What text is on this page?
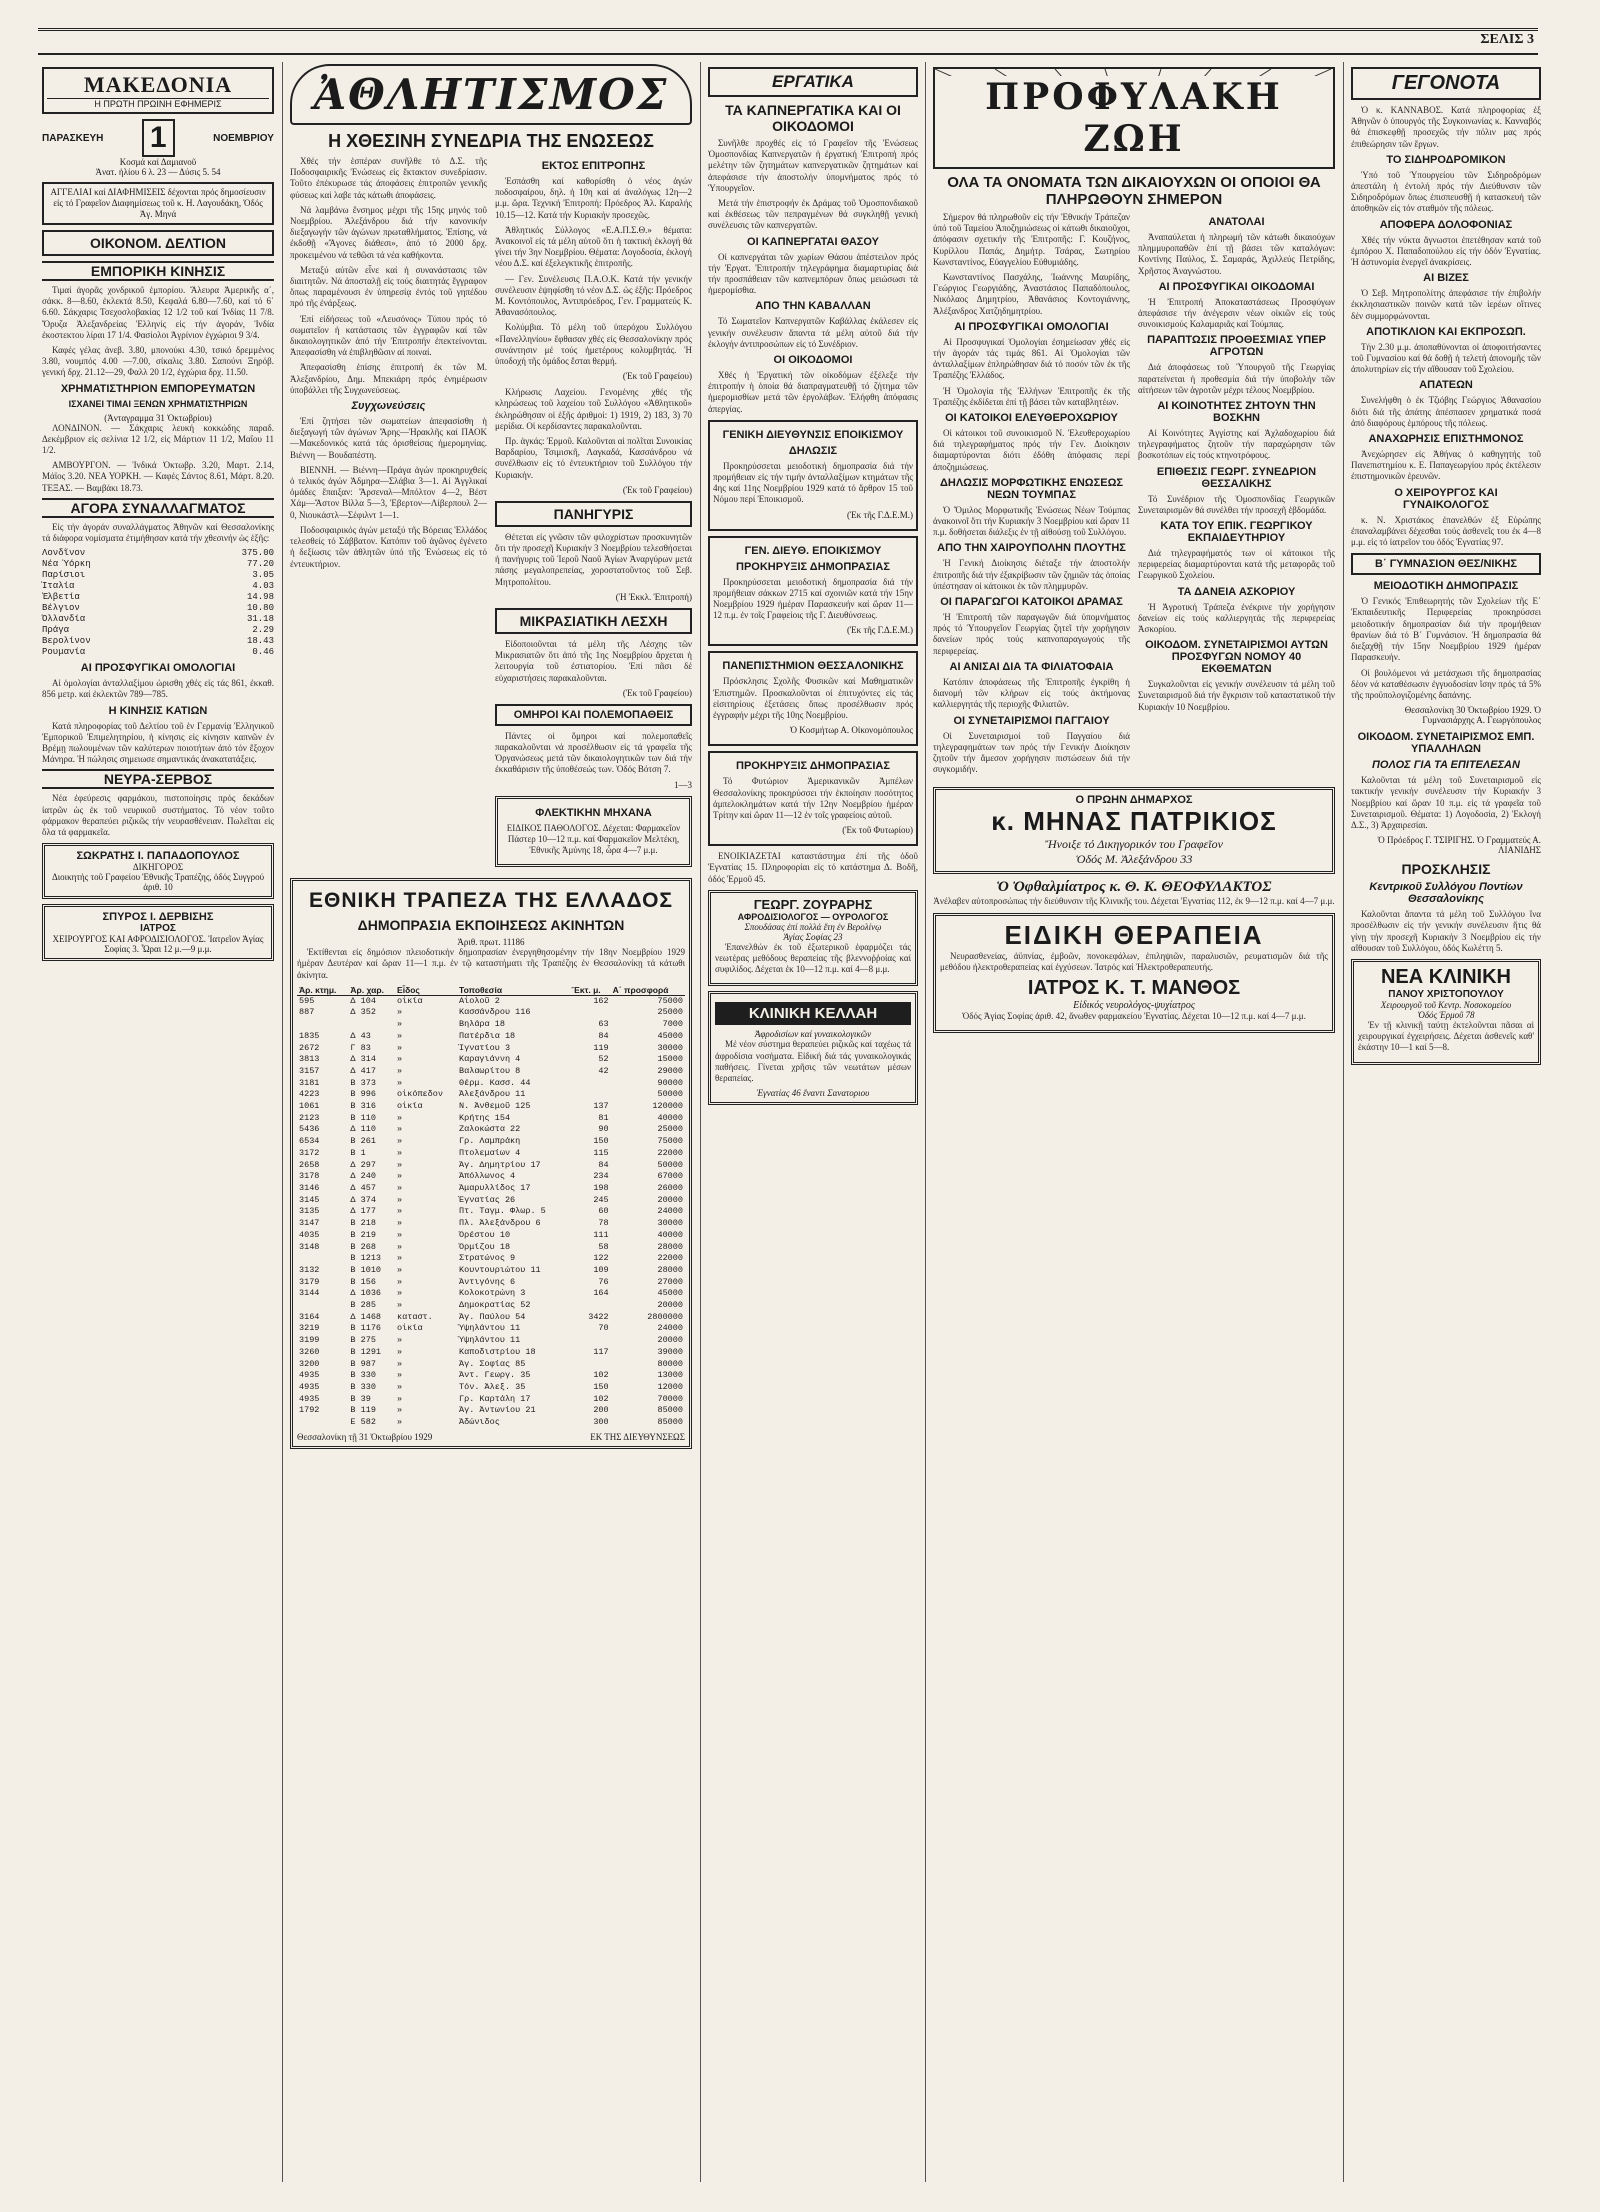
ΣΕΛΙΣ 3
ΜΑΚΕΔΟΝΙΑ
Η ΠΡΩΤΗ ΠΡΩΙΝΗ ΕΦΗΜΕΡΙΣ
ΠΑΡΑΣΚΕΥΗ 1	ΝΟΕΜΒΡΙΟΥ
Κοσμά καί Δαμιανοῦ
Ἀνατ. ἡλίου 6 λ. 23 — Δύσις 5. 54
ΑΓΓΕΛΙΑΙ καί ΔΙΑΦΗΜΙΣΕΙΣ δέχονται πρός δημοσίευσιν εἰς τό Γραφεῖον Διαφημίσεως τοῦ κ. Η. Λαγουδάκη, Ὁδός Ἀγ. Μηνά
ΟΙΚΟΝΟΜ. ΔΕΛΤΙΟΝ
ΕΜΠΟΡΙΚΗ ΚΙΝΗΣΙΣ

Τιμαί ἀγορᾶς χονδρικοῦ ἐμπορίου. Ἄλευρα Ἀμερικῆς α΄, σάκκ. 8—8.60, ἐκλεκτά 8.50, Κεφαλά 6.80—7.60, καί τό 6΄ 6.60. Σάκχαρις Τσεχοσλοβακίας 12 1/2 τοῦ καί Ἰνδίας 11 7/8. Ὄρυζα Ἀλεξανδρείας Ἑλληνίς εἰς τήν ἀγοράν, Ἰνδία ἐκοστεκτου λίραι 17 1/4. Φασίολοι Ἀγρίνιον ἐγχώριοι 9 3/4.

Καφές γέλας ἀνεβ. 3.80, μπονούκι 4.30, τσικό δρεμμένος 3.80, νουμπός 4.00 —7.00, σίκαλις 3.80. Σαπούνι Ξηρόβ. γενική δρχ. 21.12—29, Φαλλ 20 1/2, ἐγχώρια δρχ. 11.50.

ΧΡΗΜΑΤΙΣΤΗΡΙΟΝ ΕΜΠΟΡΕΥΜΑΤΩΝ
ΙΣΧΑΝΕΙ ΤΙΜΑΙ ΞΕΝΩΝ ΧΡΗΜΑΤΙΣΤΗΡΙΩΝ
(Ἀνταγραμμα 31 Ὀκτωβρίου)

ΛΟΝΔΙΝΟΝ. — Σάκχαρις λευκή κοκκώδης παραδ. Δεκέμβριον εἰς σελίνια 12 1/2, εἰς Μάρτιον 11 1/2, Μαΐου 11 1/2.

ΑΜΒΟΥΡΓΟΝ. — Ἰνδικά Ὀκτωβρ. 3.20, Μαρτ. 2.14, Μάϊος 3.20. ΝΕΑ ΥΟΡΚΗ. — Καφές Σάντος 8.61, Μάρτ. 8.20. ΤΕΞΑΣ. — Βαμβάκι 18.73.

ΑΓΟΡΑ ΣΥΝΑΛΛΑΓΜΑΤΟΣ

Εἰς τήν ἀγοράν συναλλάγματος Ἀθηνῶν καί Θεσσαλονίκης τά διάφορα νομίσματα ἐτιμήθησαν κατά τήν χθεσινήν ὡς ἑξῆς:

Λονδῖνον	375.00
Νέα Ὑόρκη	77.20
Παρίσιοι	3.05
Ἰταλία	4.03
Ἑλβετία	14.98
Βέλγιον	10.80
Ὀλλανδία	31.18
Πράγα	2.29
Βερολίνον	18.43
Ρουμανία	0.46
ΑΙ ΠΡΟΣΦΥΓΙΚΑΙ ΟΜΟΛΟΓΙΑΙ

Αἱ ὁμολογίαι ἀνταλλαξίμου ὡρισθη χθές εἰς τάς 861, ἐκκαθ. 856 μετρ. καί ἐκλεκτῶν 789—785.

Η ΚΙΝΗΣΙΣ ΚΑΤΙΩΝ

Κατά πληροφορίας τοῦ Δελτίου τοῦ ἐν Γερμανίᾳ Ἑλληνικοῦ Ἐμπορικοῦ Ἐπιμελητηρίου, ἡ κίνησις εἰς κίνησιν καπνῶν ἐν Βρέμῃ πωλουμένων τῶν καλύτερων ποιοτήτων ἀπό τόν ἔξοχον Μάνηρα. Ἡ πώλησις σημειωσε σημαντικάς ἀνακατατάξεις.

ΝΕΥΡΑ-ΣΕΡΒΟΣ

Νέα ἐφεύρεσις φαρμάκου, πιστοποίησις πρός δεκάδων ἰατρῶν ὡς ἐκ τοῦ νευρικοῦ συστήματος. Τό νέον τοῦτο φάρμακον θεραπεύει ριζικῶς τήν νευρασθένειαν. Πωλεῖται εἰς ὅλα τά φαρμακεῖα.

ΣΩΚΡΑΤΗΣ Ι. ΠΑΠΑΔΟΠΟΥΛΟΣ
ΔΙΚΗΓΟΡΟΣ
Διοικητής τοῦ Γραφείου Ἐθνικῆς Τραπέζης, ὁδός Συγγρού ἀριθ. 10
ΣΠΥΡΟΣ Ι. ΔΕΡΒΙΣΗΣ
ΙΑΤΡΟΣ
ΧΕΙΡΟΥΡΓΟΣ ΚΑΙ ΑΦΡΟΔΙΣΙΟΛΟΓΟΣ. Ἰατρεῖον Ἀγίας Σοφίας 3. Ὧραι 12 μ.—9 μ.μ.
ἈΘΛΗΤΙΣΜΟΣ
Η ΧΘΕΣΙΝΗ ΣΥΝΕΔΡΙΑ ΤΗΣ ΕΝΩΣΕΩΣ

Χθές τήν ἑσπέραν συνῆλθε τό Δ.Σ. τῆς Ποδοσφαιρικῆς Ἑνώσεως εἰς ἔκτακτον συνεδρίασιν. Τοῦτο ἐπέκυρωσε τάς ἀποφάσεις ἐπιτροπῶν γενικῆς φύσεως καί λαβε τάς κάτωθι ἀποφάσεις.

Νά λαμβάνω ἔνσημος μέχρι τῆς 15ης μηνός τοῦ Νοεμβρίου. Ἀλεξάνδρου διά τήν κανονικήν διεξαγωγήν τῶν ἀγώνων πρωταθλήματος. Ἐπίσης, νά ἐκδοθῇ «Ἄγονες διάθεσι», ἀπό τό 2000 δρχ. προκειμένου νά τεθῶσι τά νέα καθήκοντα.

Μεταξύ αὐτῶν εἶνε καί ἡ συνανάστασις τῶν διαιτητῶν. Νά ἀποσταλῇ εἰς τούς διαιτητάς ἔγγραφον ὅπως παραμένουσι ἐν ὑπηρεσίᾳ ἐντός τοῦ γηπέδου πρό τῆς ἐνάρξεως.

Ἐπί εἰδήσεως τοῦ «Λευσόνος» Τύπου πρός τό σωματεῖον ἡ κατάστασις τῶν ἐγγραφῶν καί τῶν δικαιολογητικῶν ἀπό τήν Ἐπιτροπήν ἐπεκτείνονται. Ἀπεφασίσθη νά ἐπιβληθῶσιν αἱ ποιναί.

Ἀπεφασίσθη ἐπίσης ἐπιτροπή ἐκ τῶν Μ. Ἀλεξανδρίου, Δημ. Μπεκιάρη πρός ἐνημέρωσιν ὑποβάλλει τῆς Συγχωνεύσεως.

Συγχωνεύσεις

Ἐπί ζητήσει τῶν σωματείων ἀπεφασίσθη ἡ διεξαγωγή τῶν ἀγώνων Ἄρης—Ἠρακλῆς καί ΠΑΟΚ—Μακεδονικός κατά τάς ὁρισθείσας ἡμερομηνίας. Βιέννη — Βουδαπέστη.

BIENNH. — Βιέννη—Πράγα ἀγών προκηρυχθείς ὁ τελικός ἀγών Ἀδμηρα—Σλάβια 3—1. Αἱ Ἀγγλικαί ὁμάδες ἔπαιξαν: Ἄρσεναλ—Μπόλτον 4—2, Βέστ Χάμ—Ἄστον Βίλλα 5—3, Ἐβερτον—Λίβερπουλ 2—0, Νιουκάστλ—Σέφιλντ 1—1.

Ποδοσφαιρικός ἀγών μεταξύ τῆς Βόρειας Ἑλλάδος τελεσθείς τό Σάββατον. Κατόπιν τοῦ ἀγῶνος ἐγένετο ἡ δεξίωσις τῶν ἀθλητῶν ὑπό τῆς Ἐνώσεως εἰς τό ἐντευκτήριον.

ΕΚΤΟΣ ΕΠΙΤΡΟΠΗΣ

Ἐσπάσθη καί καθορίσθη ὁ νέος ἀγών ποδοσφαίρου, δηλ. ἡ 10η καί αἱ ἀναλόγως 12η—2 μ.μ. ὥρα. Τεχνική Ἐπιτροπή: Πρόεδρος Ἀλ. Καραλής 10.15—12. Κατά τήν Κυριακήν προσεχῶς.

Ἀθλητικός Σύλλογος «Ε.Α.Π.Σ.Θ.» θέματα: Ἀνακοινοῖ εἰς τά μέλη αὐτοῦ ὅτι ἡ τακτική ἐκλογή θά γίνει τήν 3ην Νοεμβρίου. Θέματα: Λογοδοσία, ἐκλογή νέου Δ.Σ. καί ἐξελεγκτικῆς ἐπιτροπῆς.

— Γεν. Συνέλευσις Π.Α.Ο.Κ. Κατά τήν γενικήν συνέλευσιν ἐψηφίσθη τό νέον Δ.Σ. ὡς ἑξῆς: Πρόεδρος Μ. Κοντόπουλος, Ἀντιπρόεδρος, Γεν. Γραμματεύς Κ. Ἀθανασόπουλος.

Κολύμβια. Τό μέλη τοῦ ὑπερόχου Συλλόγου «Πανελληνίου» ἔφθασαν χθές εἰς Θεσσαλονίκην πρός συνάντησιν μέ τούς ἡμετέρους κολυμβητάς. Ἡ ὑποδοχή τῆς ὁμάδος ἔσται θερμή.

(Ἐκ τοῦ Γραφείου)

Κλήρωσις Λαχείου. Γενομένης χθές τῆς κληρώσεως τοῦ λαχείου τοῦ Συλλόγου «Ἀθλητικοῦ» ἐκληρώθησαν οἱ ἑξῆς ἀριθμοί: 1) 1919, 2) 183, 3) 70 μερίδια. Οἱ κερδίσαντες παρακαλοῦνται.

Πρ. ἀγκάς: Ἐρμοῦ. Καλοῦνται αἱ πολῖται Συνοικίας Βαρδαρίου, Τσιμισκῆ, Λαγκαδά, Κασσάνδρου νά συνέλθωσιν εἰς τό ἐντευκτήριον τοῦ Συλλόγου τήν Κυριακήν.

(Ἐκ τοῦ Γραφείου)
ΠΑΝΗΓΥΡΙΣ

Θέτεται εἰς γνῶσιν τῶν φιλοχρίστων προσκυνητῶν ὅτι τήν προσεχῆ Κυριακήν 3 Νοεμβρίου τελεσθήσεται ἡ πανήγυρις τοῦ Ἱεροῦ Ναοῦ Ἁγίων Ἀναργύρων μετά πάσης μεγαλοπρεπείας, χοροστατοῦντος τοῦ Σεβ. Μητροπολίτου.

(Ἡ Ἐκκλ. Ἐπιτροπή)
ΜΙΚΡΑΣΙΑΤΙΚΗ ΛΕΣΧΗ

Εἰδοποιοῦνται τά μέλη τῆς Λέσχης τῶν Μικρασιατῶν ὅτι ἀπό τῆς 1ης Νοεμβρίου ἄρχεται ἡ λειτουργία τοῦ ἐστιατορίου. Ἐπί πᾶσι δέ εὐχαριστήσεις παρακαλοῦνται.

(Ἐκ τοῦ Γραφείου)
ΟΜΗΡΟΙ ΚΑΙ ΠΟΛΕΜΟΠΑΘΕΙΣ

Πάντες οἱ ὅμηροι καί πολεμοπαθεῖς παρακαλοῦνται νά προσέλθωσιν εἰς τά γραφεῖα τῆς Ὀργανώσεως μετά τῶν δικαιολογητικῶν των διά τήν ἐκκαθάρισιν τῆς ὑποθέσεώς των. Ὁδός Βότση 7.

1—3
ΦΛΕΚΤΙΚΗΝ ΜΗΧΑΝΑ

ΕΙΔΙΚΟΣ ΠΑΘΟΛΟΓΟΣ. Δέχεται: Φαρμακεῖον Πάστερ 10—12 π.μ. καί Φαρμακεῖον Μελτέκη, Ἐθνικῆς Ἀμύνης 18, ὧρα 4—7 μ.μ.

ΕΘΝΙΚΗ ΤΡΑΠΕΖΑ ΤΗΣ ΕΛΛΑΔΟΣ
ΔΗΜΟΠΡΑΣΙΑ ΕΚΠΟΙΗΣΕΩΣ ΑΚΙΝΗΤΩΝ
Ἀριθ. πρωτ. 11186

Ἐκτίθενται εἰς δημόσιον πλειοδοτικήν δημοπρασίαν ἐνεργηθησομένην τήν 18ην Νοεμβρίου 1929 ἡμέραν Δευτέραν καί ὥραν 11—1 π.μ. ἐν τῷ καταστήματι τῆς Τραπέζης ἐν Θεσσαλονίκῃ τά κάτωθι ἀκίνητα.

Ἀρ. κτημ.	Ἀρ. χαρ.	Εἶδος	Τοποθεσία	Ἔκτ. μ.	Α΄ προσφορά
595	Δ 104	οἰκία	Αἰολοῦ 2	162	75000
887	Δ 352	»	Κασσάνδρου 116		25000
		»	Βηλάρα 18	63	7000
1835	Δ 43	»	Πατέρδια 18	84	45000
2672	Γ 83	»	Ἰγνατίου 3	119	30000
3813	Δ 314	»	Καραγιάννη 4	52	15000
3157	Δ 417	»	Βαλαωρίτου 8	42	29000
3181	Β 373	»	Θέρμ. Κασσ. 44		90000
4223	Β 996	οἰκόπεδον	Ἀλεξάνδρου 11		50000
1061	Β 316	οἰκία	Ν. Ἀνθεμοῦ 125	137	120000
2123	Β 110	»	Κρήτης 154	81	40000
5436	Δ 110	»	Ζαλοκώστα 22	90	25000
6534	Β 261	»	Γρ. Λαμπράκη	150	75000
3172	Β 1	»	Πτολεμαίων 4	115	22000
2658	Δ 297	»	Ἀγ. Δημητρίου 17	84	50000
3178	Δ 240	»	Ἀπόλλωνος 4	234	67000
3146	Δ 457	»	Ἀμαρυλλίδος 17	198	26000
3145	Δ 374	»	Ἐγνατίας 26	245	20000
3135	Δ 177	»	Πτ. Ταγμ. Φλωρ. 5	60	24000
3147	Β 218	»	Πλ. Ἀλεξάνδρου 6	78	30000
4035	Β 219	»	Ὀρέστου 10	111	40000
3148	Β 268	»	Ὁρμίζου 18	58	28000
	Β 1213	»	Στρατώνος 9	122	22000
3132	Β 1010	»	Κουντουριώτου 11	109	28000
3179	Β 156	»	Ἀντιγόνης 6	76	27000
3144	Δ 1036	»	Κολοκοτρώνη 3	164	45000
	Β 285	»	Δημοκρατίας 52		20000
3164	Δ 1468	καταστ.	Ἀγ. Παύλου 54	3422	2800000
3219	Β 1176	οἰκία	Ὑψηλάντου 11	70	24000
3199	Β 275	»	Ὑψηλάντου 11		20000
3260	Β 1291	»	Καποδιστρίου 18	117	39000
3200	Β 987	»	Ἀγ. Σοφίας 85		80000
4935	Β 330	»	Ἀντ. Γεωργ. 35	102	13000
4935	Β 330	»	Τόν. Ἀλεξ. 35	150	12000
4935	Β 39	»	Γρ. Καρτάλη 17	102	70000
1792	Β 119	»	Ἀγ. Ἀντωνίου 21	200	85000
	Ε 582	»	Ἀδώνιδος	300	85000
Θεσσαλονίκη τῇ 31 Ὀκτωβρίου 1929	ΕΚ ΤΗΣ ΔΙΕΥΘΥΝΣΕΩΣ
ΕΡΓΑΤΙΚΑ
ΤΑ ΚΑΠΝΕΡΓΑΤΙΚΑ ΚΑΙ ΟΙ ΟΙΚΟΔΟΜΟΙ

Συνῆλθε προχθές εἰς τό Γραφεῖον τῆς Ἑνώσεως Ὁμοσπονδίας Καπνεργατῶν ἡ ἐργατική Ἐπιτροπή πρός μελέτην τῶν ζητημάτων καπνεργατικῶν ζητημάτων καί ἀπεφάσισε τήν ἀποστολήν ὑπομνήματος πρός τό Ὑπουργεῖον.

Μετά τήν ἐπιστροφήν ἐκ Δράμας τοῦ Ὁμοσπονδιακοῦ καί ἐκθέσεως τῶν πεπραγμένων θά συγκληθῇ γενική συνέλευσις τῶν καπνεργατῶν.

ΟΙ ΚΑΠΝΕΡΓΑΤΑΙ ΘΑΣΟΥ

Οἱ καπνεργάται τῶν χωρίων Θάσου ἀπέστειλον πρός τήν Ἐργατ. Ἐπιτροπήν τηλεγράφημα διαμαρτυρίας διά τήν προσπάθειαν τῶν καπνεμπόρων ὅπως μειώσωσι τά ἡμερομίσθια.

ΑΠΟ ΤΗΝ ΚΑΒΑΛΛΑΝ

Τό Σωματεῖον Καπνεργατῶν Καβάλλας ἐκάλεσεν εἰς γενικήν συνέλευσιν ἅπαντα τά μέλη αὐτοῦ διά τήν ἐκλογήν ἀντιπροσώπων εἰς τό Συνέδριον.

ΟΙ ΟΙΚΟΔΟΜΟΙ

Χθές ἡ Ἐργατική τῶν οἰκοδόμων ἐξέλεξε τήν ἐπιτροπήν ἡ ὁποία θά διαπραγματευθῇ τό ζήτημα τῶν ἡμερομισθίων μετά τῶν ἐργολάβων. Ἐλήφθη ἀπόφασις ἀπεργίας.

ΓΕΝΙΚΗ ΔΙΕΥΘΥΝΣΙΣ ΕΠΟΙΚΙΣΜΟΥ
ΔΗΛΩΣΙΣ

Προκηρύσσεται μειοδοτική δημοπρασία διά τήν προμήθειαν εἰς τήν τιμήν ἀνταλλαξίμων κτημάτων τῆς 4ης καί 11ης Νοεμβρίου 1929 κατά τό ἄρθρον 15 τοῦ Νόμου περί Ἐποικισμοῦ.

(Ἐκ τῆς Γ.Δ.Ε.Μ.)
ΓΕΝ. ΔΙΕΥΘ. ΕΠΟΙΚΙΣΜΟΥ
ΠΡΟΚΗΡΥΞΙΣ ΔΗΜΟΠΡΑΣΙΑΣ

Προκηρύσσεται μειοδοτική δημοπρασία διά τήν προμήθειαν σάκκων 2715 καί σχοινιῶν κατά τήν 15ην Νοεμβρίου 1929 ἡμέραν Παρασκευήν καί ὥραν 11—12 π.μ. ἐν τοῖς Γραφείοις τῆς Γ. Διευθύνσεως.

(Ἐκ τῆς Γ.Δ.Ε.Μ.)
ΠΑΝΕΠΙΣΤΗΜΙΟΝ ΘΕΣΣΑΛΟΝΙΚΗΣ

Πρόσκλησις Σχολῆς Φυσικῶν καί Μαθηματικῶν Ἐπιστημῶν. Προσκαλοῦνται οἱ ἐπιτυχόντες εἰς τάς εἰσιτηρίους ἐξετάσεις ὅπως προσέλθωσιν πρός ἐγγραφήν μέχρι τῆς 10ης Νοεμβρίου.

Ὁ Κοσμήτωρ Α. Οἰκονομόπουλος
ΠΡΟΚΗΡΥΞΙΣ ΔΗΜΟΠΡΑΣΙΑΣ

Τό Φυτώριον Ἀμερικανικῶν Ἀμπέλων Θεσσαλονίκης προκηρύσσει τήν ἐκποίησιν ποσότητος ἀμπελοκλημάτων κατά τήν 12ην Νοεμβρίου ἡμέραν Τρίτην καί ὥραν 11—12 ἐν τοῖς γραφείοις αὐτοῦ.

(Ἐκ τοῦ Φυτωρίου)

ΕΝΟΙΚΙΑΖΕΤΑΙ καταστάστημα ἐπί τῆς ὁδοῦ Ἐγνατίας 15. Πληροφορίαι εἰς τό κατάστημα Δ. Βοδῆ, ὁδός Ἑρμοῦ 45.

ΓΕΩΡΓ. ΖΟΥΡΑΡΗΣ
ΑΦΡΟΔΙΣΙΟΛΟΓΟΣ — ΟΥΡΟΛΟΓΟΣ
Σπουδάσας ἐπί πολλά ἔτη ἐν Βερολίνῳ
Ἁγίας Σοφίας 23

Ἐπανελθών ἐκ τοῦ ἐξωτερικοῦ ἐφαρμόζει τάς νεωτέρας μεθόδους θεραπείας τῆς βλεννοῤῥοίας καί συφιλίδος. Δέχεται ἐκ 10—12 π.μ. καί 4—8 μ.μ.

ΚΛΙΝΙΚΗ ΚΕΛΛΑΗ
Ἀφροδισίων καί γυναικολογικῶν

Μέ νέον σύστημα θεραπεύει ριζικῶς καί ταχέως τά ἀφροδίσια νοσήματα. Εἰδική διά τάς γυναικολογικάς παθήσεις. Γίνεται χρῆσις τῶν νεωτάτων μέσων θεραπείας.

Ἐγνατίας 46 ἔναντι Σανατοριου
ΠΡΟΦΥΛΑΚΗ ΖΩΗ
ΟΛΑ ΤΑ ΟΝΟΜΑΤΑ ΤΩΝ ΔΙΚΑΙΟΥΧΩΝ ΟΙ ΟΠΟΙΟΙ ΘΑ ΠΛΗΡΩΘΟΥΝ ΣΗΜΕΡΟΝ

Σήμερον θά πληρωθοῦν εἰς τήν Ἐθνικήν Τράπεζαν ὑπό τοῦ Ταμείου Ἀποζημιώσεως οἱ κάτωθι δικαιοῦχοι, ἀπόφασιν σχετικήν τῆς Ἐπιτροπῆς: Γ. Κουζήνος, Κυρίλλου Παπάς, Δημήτρ. Τσάρας, Σωτηρίου Κωνσταντίνος, Εὐαγγελίου Εὐθυμιάδης.

Κωνσταντίνος Πασχάλης, Ἰωάννης Μαυρίδης, Γεώργιος Γεωργιάδης, Ἀναστάσιος Παπαδόπουλος, Νικόλαος Δημητρίου, Ἀθανάσιος Κοντογιάννης, Ἀλέξανδρος Χατζηδημητρίου.

ΑΙ ΠΡΟΣΦΥΓΙΚΑΙ ΟΜΟΛΟΓΙΑΙ

Αἱ Προσφυγικαί Ὁμολογίαι ἐσημείωσαν χθές εἰς τήν ἀγοράν τάς τιμάς 861. Αἱ Ὁμολογίαι τῶν ἀνταλλαξίμων ἐπληρώθησαν διά τό ποσόν τῶν ἐκ τῆς Τραπέζης Ἑλλάδος.

Ἡ Ὁμολογία τῆς Ἑλλήνων Ἐπιτροπῆς ἐκ τῆς Τραπέζης ἐκδίδεται ἐπί τῇ βάσει τῶν καταβλητέων.

ΟΙ ΚΑΤΟΙΚΟΙ ΕΛΕΥΘΕΡΟΧΩΡΙΟΥ

Οἱ κάτοικοι τοῦ συνοικισμοῦ Ν. Ἐλευθεροχωρίου διά τηλεγραφήματος πρός τήν Γεν. Διοίκησιν διαμαρτύρονται διότι ἐδόθη ἀπόφασις περί ἀποζημιώσεως.

ΔΗΛΩΣΙΣ ΜΟΡΦΩΤΙΚΗΣ ΕΝΩΣΕΩΣ ΝΕΩΝ ΤΟΥΜΠΑΣ

Ὁ Ὅμιλος Μορφωτικῆς Ἑνώσεως Νέων Τούμπας ἀνακοινοῖ ὅτι τήν Κυριακήν 3 Νοεμβρίου καί ὥραν 11 π.μ. δοθήσεται διάλεξις ἐν τῇ αἰθούσῃ τοῦ Συλλόγου.

ΑΠΟ ΤΗΝ ΧΑΙΡΟΥΠΟΛΗΝ ΠΛΟΥΤΗΣ

Ἡ Γενική Διοίκησις διέταξε τήν ἀποστολήν ἐπιτροπῆς διά τήν ἐξακρίβωσιν τῶν ζημιῶν τάς ὁποίας ὑπέστησαν οἱ κάτοικοι ἐκ τῶν πλημμυρῶν.

ΟΙ ΠΑΡΑΓΩΓΟΙ ΚΑΤΟΙΚΟΙ ΔΡΑΜΑΣ

Ἡ Ἐπιτροπή τῶν παραγωγῶν διά ὑπομνήματος πρός τό Ὑπουργεῖον Γεωργίας ζητεῖ τήν χορήγησιν δανείων πρός τούς καπνοπαραγωγούς τῆς περιφερείας.

ΑΙ ΑΝΙΣΑΙ ΔΙΑ ΤΑ ΦΙΛΙΑΤΟΦΑΙΑ

Κατόπιν ἀποφάσεως τῆς Ἐπιτροπῆς ἐγκρίθη ἡ διανομή τῶν κλήρων εἰς τούς ἀκτήμονας καλλιεργητάς τῆς περιοχῆς Φιλιατῶν.

ΟΙ ΣΥΝΕΤΑΙΡΙΣΜΟΙ ΠΑΓΓΑΙΟΥ

Οἱ Συνεταιρισμοί τοῦ Παγγαίου διά τηλεγραφημάτων των πρός τήν Γενικήν Διοίκησιν ζητοῦν τήν ἄμεσον χορήγησιν πιστώσεων διά τήν συγκομιδήν.

ΑΝΑΤΟΛΑΙ

Ἀναπαύλεται ἡ πληρωμή τῶν κάτωθι δικαιούχων πλημμυροπαθῶν ἐπί τῇ βάσει τῶν καταλόγων: Κοντίνης Παύλος, Σ. Σαμαράς, Ἀχιλλεύς Πετρίδης, Χρῆστος Ἀναγνώστου.

ΑΙ ΠΡΟΣΦΥΓΙΚΑΙ ΟΙΚΟΔΟΜΑΙ

Ἡ Ἐπιτροπή Ἀποκαταστάσεως Προσφύγων ἀπεφάσισε τήν ἀνέγερσιν νέων οἰκιῶν εἰς τούς συνοικισμούς Καλαμαριᾶς καί Τούμπας.

ΠΑΡΑΠΤΩΣΙΣ ΠΡΟΘΕΣΜΙΑΣ ΥΠΕΡ ΑΓΡΟΤΩΝ

Διά ἀποφάσεως τοῦ Ὑπουργοῦ τῆς Γεωργίας παρατείνεται ἡ προθεσμία διά τήν ὑποβολήν τῶν αἰτήσεων τῶν ἀγροτῶν μέχρι τέλους Νοεμβρίου.

ΑΙ ΚΟΙΝΟΤΗΤΕΣ ΖΗΤΟΥΝ ΤΗΝ ΒΟΣΚΗΝ

Αἱ Κοινότητες Ἀγγίστης καί Ἀχλαδοχωρίου διά τηλεγραφήματος ζητοῦν τήν παραχώρησιν τῶν βοσκοτόπων εἰς τούς κτηνοτρόφους.

ΕΠΙΘΕΣΙΣ ΓΕΩΡΓ. ΣΥΝΕΔΡΙΟΝ ΘΕΣΣΑΛΙΚΗΣ

Τό Συνέδριον τῆς Ὁμοσπονδίας Γεωργικῶν Συνεταιρισμῶν θά συνέλθει τήν προσεχῆ ἑβδομάδα.

ΚΑΤΑ ΤΟΥ ΕΠΙΚ. ΓΕΩΡΓΙΚΟΥ ΕΚΠΑΙΔΕΥΤΗΡΙΟΥ

Διά τηλεγραφήματός των οἱ κάτοικοι τῆς περιφερείας διαμαρτύρονται κατά τῆς μεταφορᾶς τοῦ Γεωργικοῦ Σχολείου.

ΤΑ ΔΑΝΕΙΑ ΑΣΚΟΡΙΟΥ

Ἡ Ἀγροτική Τράπεζα ἐνέκρινε τήν χορήγησιν δανείων εἰς τούς καλλιεργητάς τῆς περιφερείας Ἀσκορίου.

ΟΙΚΟΔΟΜ. ΣΥΝΕΤΑΙΡΙΣΜΟΙ ΑΥΤΩΝ ΠΡΟΣΦΥΓΩΝ ΝΟΜΟΥ 40 ΕΚΘΕΜΑΤΩΝ

Συγκαλοῦνται εἰς γενικήν συνέλευσιν τά μέλη τοῦ Συνεταιρισμοῦ διά τήν ἔγκρισιν τοῦ καταστατικοῦ τήν Κυριακήν 10 Νοεμβρίου.

Ο ΠΡΩΗΝ ΔΗΜΑΡΧΟΣ
κ. ΜΗΝΑΣ ΠΑΤΡΙΚΙΟΣ
Ἤνοιξε τό Δικηγορικόν του Γραφεῖον
Ὁδός Μ. Ἀλεξάνδρου 33
Ὁ Ὀφθαλμίατρος κ. Θ. Κ. ΘΕΟΦΥΛΑΚΤΟΣ

Ἀνέλαβεν αὐτοπροσώπως τήν διεύθυνσιν τῆς Κλινικῆς του. Δέχεται Ἐγνατίας 112, ἐκ 9—12 π.μ. καί 4—7 μ.μ.

ΕΙΔΙΚΗ ΘΕΡΑΠΕΙΑ

Νευρασθενείας, ἀϋπνίας, ἐμβοῶν, πονοκεφάλων, ἐπιληψιῶν, παραλυσιῶν, ρευματισμῶν διά τῆς μεθόδου ἠλεκτροθεραπείας καί ἐγχύσεων. Ἰατρός καί Ἠλεκτροθεραπευτής.

ΙΑΤΡΟΣ Κ. Τ. ΜΑΝΘΟΣ
Εἰδικός νευρολόγος-ψυχίατρος

Ὁδός Ἁγίας Σοφίας ἀριθ. 42, ἄνωθεν φαρμακείου Ἐγνατίας. Δέχεται 10—12 π.μ. καί 4—7 μ.μ.

ΓΕΓΟΝΟΤΑ

Ὁ κ. ΚΑΝΝΑΒΟΣ. Κατά πληροφορίας ἐξ Ἀθηνῶν ὁ ὑπουργός τῆς Συγκοινωνίας κ. Κανναβός θά ἐπισκεφθῇ προσεχῶς τήν πόλιν μας πρός ἐπιθεώρησιν τῶν ἔργων.

ΤΟ ΣΙΔΗΡΟΔΡΟΜΙΚΟΝ

Ὑπό τοῦ Ὑπουργείου τῶν Σιδηροδρόμων ἀπεστάλη ἡ ἐντολή πρός τήν Διεύθυνσιν τῶν Σιδηροδρόμων ὅπως ἐπισπευσθῇ ἡ κατασκευή τῶν ἀποθηκῶν εἰς τόν σταθμόν τῆς πόλεως.

ΑΠΟΦΕΡΑ ΔΟΛΟΦΟΝΙΑΣ

Χθές τήν νύκτα ἄγνωστοι ἐπετέθησαν κατά τοῦ ἐμπόρου Χ. Παπαδοπούλου εἰς τήν ὁδόν Ἐγνατίας. Ἡ ἀστυνομία ἐνεργεῖ ἀνακρίσεις.

ΑΙ ΒΙΖΕΣ

Ὁ Σεβ. Μητροπολίτης ἀπεφάσισε τήν ἐπιβολήν ἐκκλησιαστικῶν ποινῶν κατά τῶν ἱερέων οἵτινες δέν συμμορφώνονται.

ΑΠΟΤΙΚΛΙΟΝ ΚΑΙ ΕΚΠΡΟΣΩΠ.

Τήν 2.30 μ.μ. ἀποπαθύνονται οἱ ἀποφοιτήσαντες τοῦ Γυμνασίου καί θά δοθῇ ἡ τελετή ἀπονομῆς τῶν ἀπολυτηρίων εἰς τήν αἴθουσαν τοῦ Σχολείου.

ΑΠΑΤΕΩΝ

Συνελήφθη ὁ ἐκ Τζιόβης Γεώργιος Ἀθανασίου διότι διά τῆς ἀπάτης ἀπέσπασεν χρηματικά ποσά ἀπό διαφόρους ἐμπόρους τῆς πόλεως.

ΑΝΑΧΩΡΗΣΙΣ ΕΠΙΣΤΗΜΟΝΟΣ

Ἀνεχώρησεν εἰς Ἀθήνας ὁ καθηγητής τοῦ Πανεπιστημίου κ. Ε. Παπαγεωργίου πρός ἐκτέλεσιν ἐπιστημονικῶν ἐρευνῶν.

Ο ΧΕΙΡΟΥΡΓΟΣ ΚΑΙ ΓΥΝΑΙΚΟΛΟΓΟΣ

κ. Ν. Χριστάκος ἐπανελθών ἐξ Εὐρώπης ἐπαναλαμβάνει δέχεσθαι τούς ἀσθενεῖς του ἐκ 4—8 μ.μ. εἰς τό ἰατρεῖον του ὁδός Ἐγνατίας 97.

Β΄ ΓΥΜΝΑΣΙΟΝ ΘΕΣ/ΝΙΚΗΣ
ΜΕΙΟΔΟΤΙΚΗ ΔΗΜΟΠΡΑΣΙΣ

Ὁ Γενικός Ἐπιθεωρητής τῶν Σχολείων τῆς Ε΄ Ἐκπαιδευτικῆς Περιφερείας προκηρύσσει μειοδοτικήν δημοπρασίαν διά τήν προμήθειαν θρανίων διά τό Β΄ Γυμνάσιον. Ἡ δημοπρασία θά διεξαχθῇ τήν 15ην Νοεμβρίου 1929 ἡμέραν Παρασκευήν.

Οἱ βουλόμενοι νά μετάσχωσι τῆς δημοπρασίας δέον νά καταθέσωσιν ἐγγυοδοσίαν ἴσην πρός τά 5% τῆς προϋπολογιζομένης δαπάνης.

Θεσσαλονίκη 30 Ὀκτωβρίου 1929. Ὁ Γυμνασιάρχης Α. Γεωργόπουλος
ΟΙΚΟΔΟΜ. ΣΥΝΕΤΑΙΡΙΣΜΟΣ ΕΜΠ. ΥΠΑΛΛΗΛΩΝ
ΠΟΛΟΣ ΓΙΑ ΤΑ ΕΠΙΤΕΛΕΣΑΝ

Καλοῦνται τά μέλη τοῦ Συνεταιρισμοῦ εἰς τακτικήν γενικήν συνέλευσιν τήν Κυριακήν 3 Νοεμβρίου καί ὥραν 10 π.μ. εἰς τά γραφεῖα τοῦ Συνεταιρισμοῦ. Θέματα: 1) Λογοδοσία, 2) Ἐκλογή Δ.Σ., 3) Ἀρχαιρεσίαι.

Ὁ Πρόεδρος Γ. ΤΣΙΡΙΓΗΣ. Ὁ Γραμματεύς Α. ΛΙΑΝΙΔΗΣ
ΠΡΟΣΚΛΗΣΙΣ
Κεντρικοῦ Συλλόγου Ποντίων Θεσσαλονίκης

Καλοῦνται ἅπαντα τά μέλη τοῦ Συλλόγου ἵνα προσέλθωσιν εἰς τήν γενικήν συνέλευσιν ἥτις θά γίνῃ τήν προσεχῆ Κυριακήν 3 Νοεμβρίου εἰς τήν αἴθουσαν τοῦ Συλλόγου, ὁδός Κωλέττη 5.

ΝΕΑ ΚΛΙΝΙΚΗ
ΠΑΝΟΥ ΧΡΙΣΤΟΠΟΥΛΟΥ
Χειρουργοῦ τοῦ Κεντρ. Νοσοκομείου
Ὁδός Ἑρμοῦ 78

Ἐν τῇ κλινικῇ ταύτῃ ἐκτελοῦνται πᾶσαι αἱ χειρουργικαί ἐγχειρήσεις. Δέχεται ἀσθενεῖς καθ' ἑκάστην 10—1 καί 5—8.
